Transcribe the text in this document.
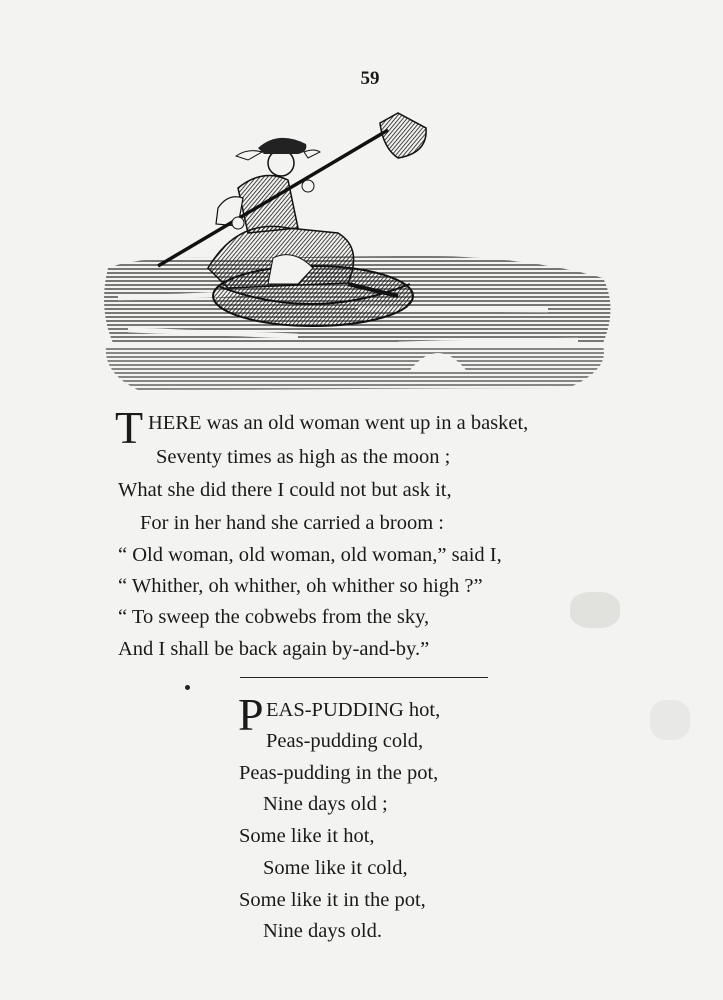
59
T HERE was an old woman went up in a basket,
Seventy times as high as the moon ;
What she did there I could not but ask it,
For in her hand she carried a broom :
“ Old woman, old woman, old woman,” said I,
“ Whither, oh whither, oh whither so high ?”
“ To sweep the cobwebs from the sky,
And I shall be back again by-and-by.”
P EAS-PUDDING hot,
Peas-pudding cold,
Peas-pudding in the pot,
Nine days old ;
Some like it hot,
Some like it cold,
Some like it in the pot,
Nine days old.
